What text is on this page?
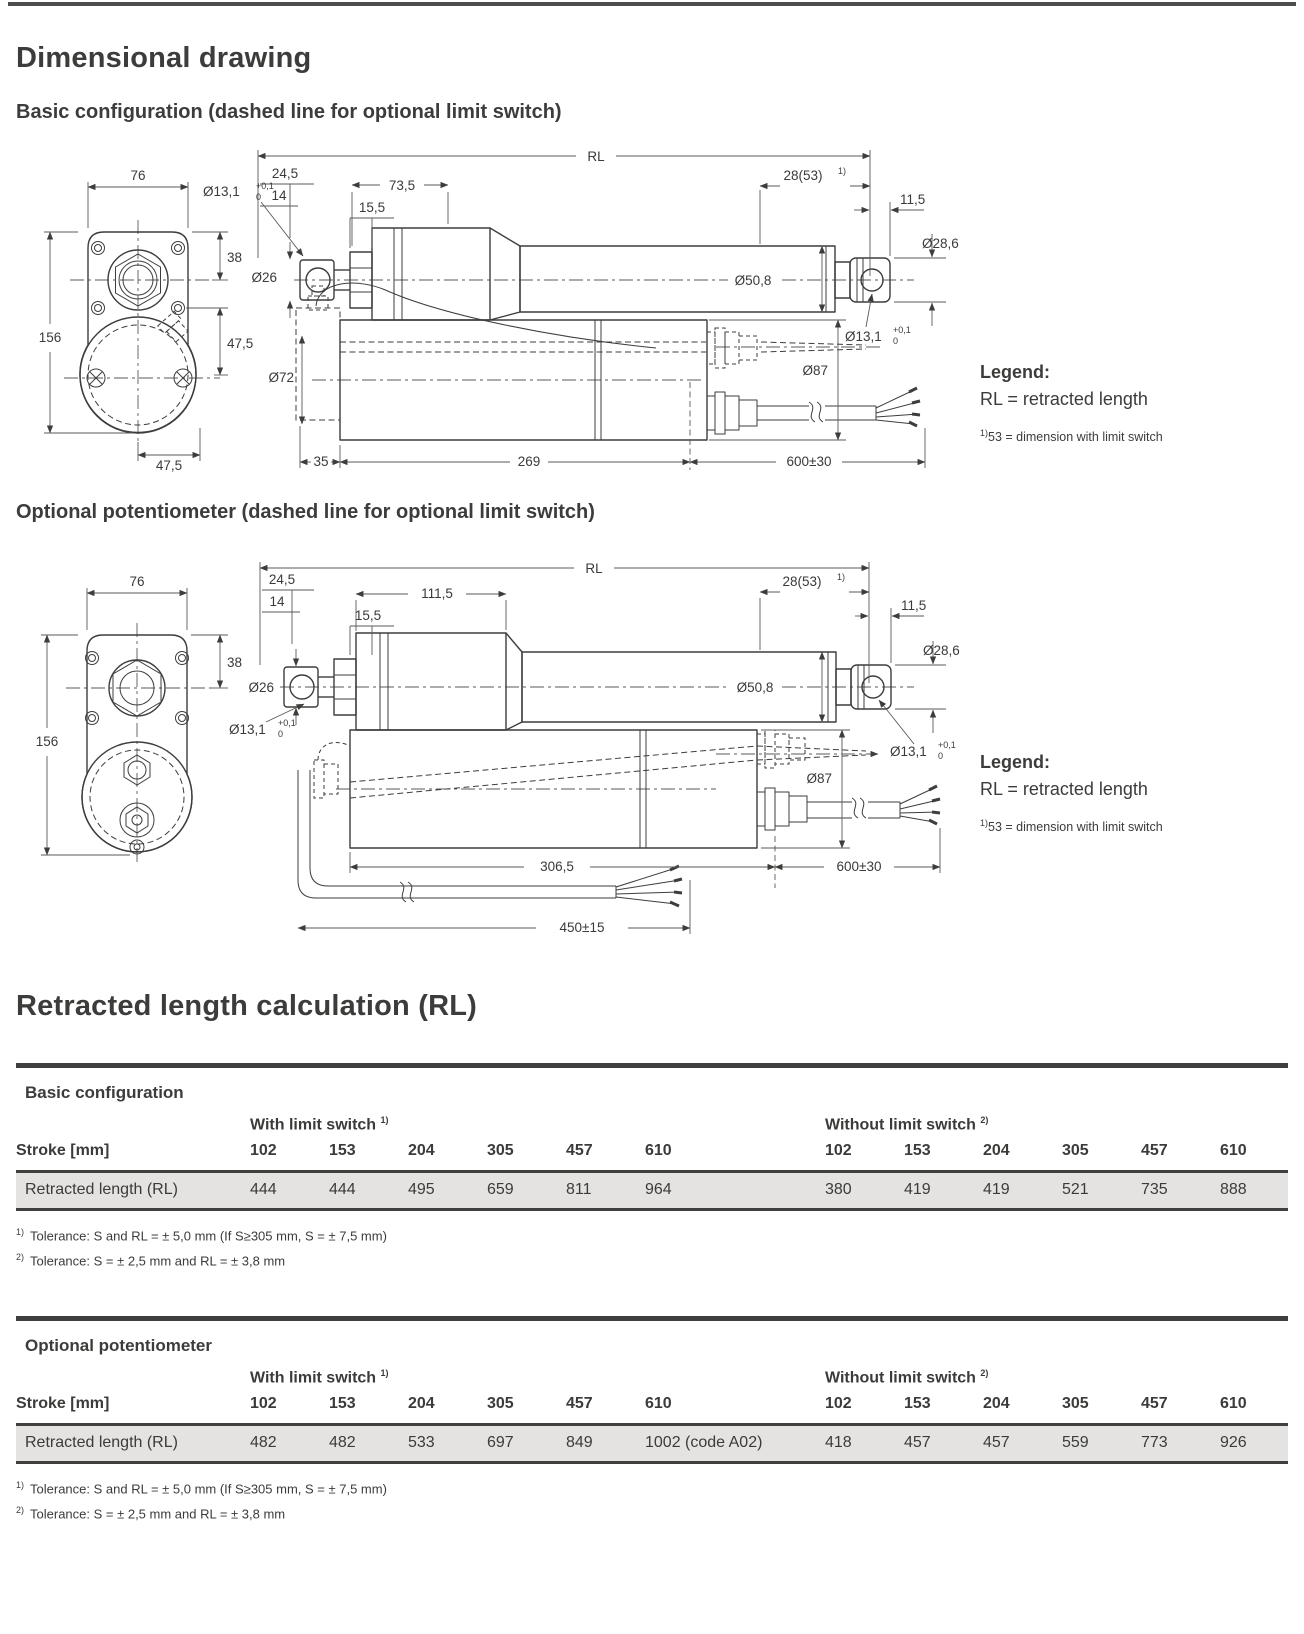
Dimensional drawing
Basic configuration (dashed line for optional limit switch)
76
156
38
47,5
47,5
RL
24,5
14
Ø13,1 +0,1
0
73,5
15,5
Ø26
28(53) 1)
11,5
Ø28,6
Ø50,8
Ø13,1 +0,1
0
Ø72	Ø87
35	269	600±30
Legend:
RL = retracted length
$^{1)}$53 = dimension with limit switch
Optional potentiometer (dashed line for optional limit switch)
76
156
38
RL
24,5
14
111,5
15,5
Ø26
Ø13,1 +0,1
0
28(53) 1)
11,5
Ø28,6
Ø50,8
Ø13,1 +0,1
0
Ø87
306,5	600±30
450±15
Legend:
RL = retracted length
$^{1)}$53 = dimension with limit switch
Retracted length calculation (RL)
Basic configuration
With limit switch $^{1)}$	Without limit switch $^{2)}$
Stroke [mm]	102	153	204	305	457	610	102	153	204	305	457	610
Retracted length (RL)	444	444	495	659	811	964	380	419	419	521	735	888
$^{1)}$ Tolerance: S and RL = ± 5,0 mm (If S≥305 mm, S = ± 7,5 mm)
$^{2)}$ Tolerance: S = ± 2,5 mm and RL = ± 3,8 mm
Optional potentiometer
With limit switch $^{1)}$	Without limit switch $^{2)}$
Stroke [mm]	102	153	204	305	457	610	102	153	204	305	457	610
Retracted length (RL)	482	482	533	697	849	1002 (code A02)	418	457	457	559	773	926
$^{1)}$ Tolerance: S and RL = ± 5,0 mm (If S≥305 mm, S = ± 7,5 mm)
$^{2)}$ Tolerance: S = ± 2,5 mm and RL = ± 3,8 mm
